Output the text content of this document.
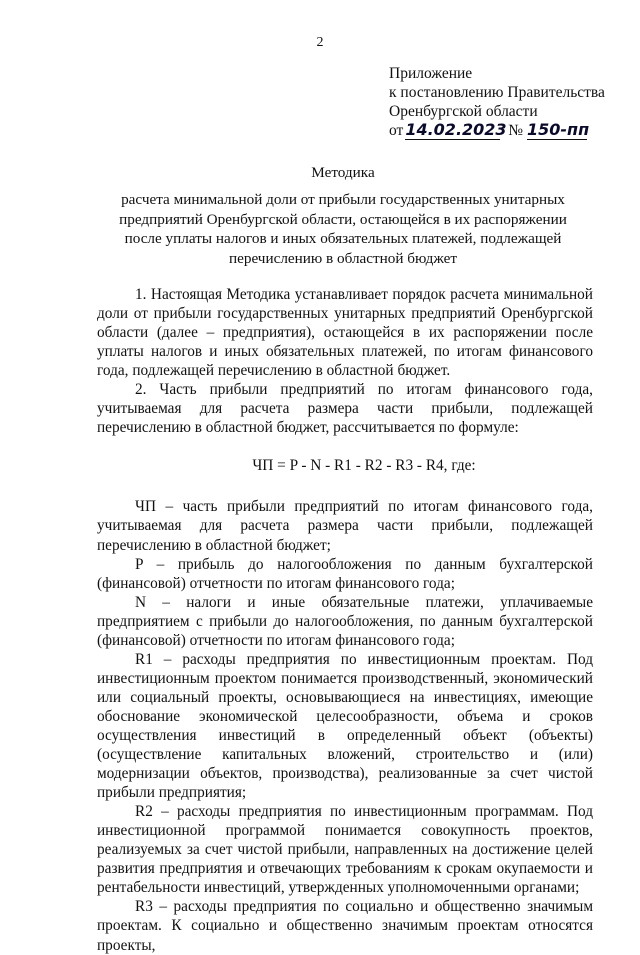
2
Приложение
к постановлению Правительства
Оренбургской области
от 14.02.2023 № 150-пп
Методика
расчета минимальной доли от прибыли государственных унитарных
предприятий Оренбургской области, остающейся в их распоряжении
после уплаты налогов и иных обязательных платежей, подлежащей
перечислению в областной бюджет

1. Настоящая Методика устанавливает порядок расчета минимальной доли от прибыли государственных унитарных предприятий Оренбургской области (далее – предприятия), остающейся в их распоряжении после уплаты налогов и иных обязательных платежей, по итогам финансового года, подлежащей перечислению в областной бюджет.

2. Часть прибыли предприятий по итогам финансового года, учитываемая для расчета размера части прибыли, подлежащей перечислению в областной бюджет, рассчитывается по формуле:

ЧП = P - N - R1 - R2 - R3 - R4, где:

ЧП – часть прибыли предприятий по итогам финансового года, учитываемая для расчета размера части прибыли, подлежащей перечислению в областной бюджет;

P – прибыль до налогообложения по данным бухгалтерской (финансовой) отчетности по итогам финансового года;

N – налоги и иные обязательные платежи, уплачиваемые предприятием с прибыли до налогообложения, по данным бухгалтерской (финансовой) отчетности по итогам финансового года;

R1 – расходы предприятия по инвестиционным проектам. Под инвестиционным проектом понимается производственный, экономический или социальный проекты, основывающиеся на инвестициях, имеющие обоснование экономической целесообразности, объема и сроков осуществления инвестиций в определенный объект (объекты) (осуществление капитальных вложений, строительство и (или) модернизации объектов, производства), реализованные за счет чистой прибыли предприятия;

R2 – расходы предприятия по инвестиционным программам. Под инвестиционной программой понимается совокупность проектов, реализуемых за счет чистой прибыли, направленных на достижение целей развития предприятия и отвечающих требованиям к срокам окупаемости и рентабельности инвестиций, утвержденных уполномоченными органами;

R3 – расходы предприятия по социально и общественно значимым проектам. К социально и общественно значимым проектам относятся проекты,
